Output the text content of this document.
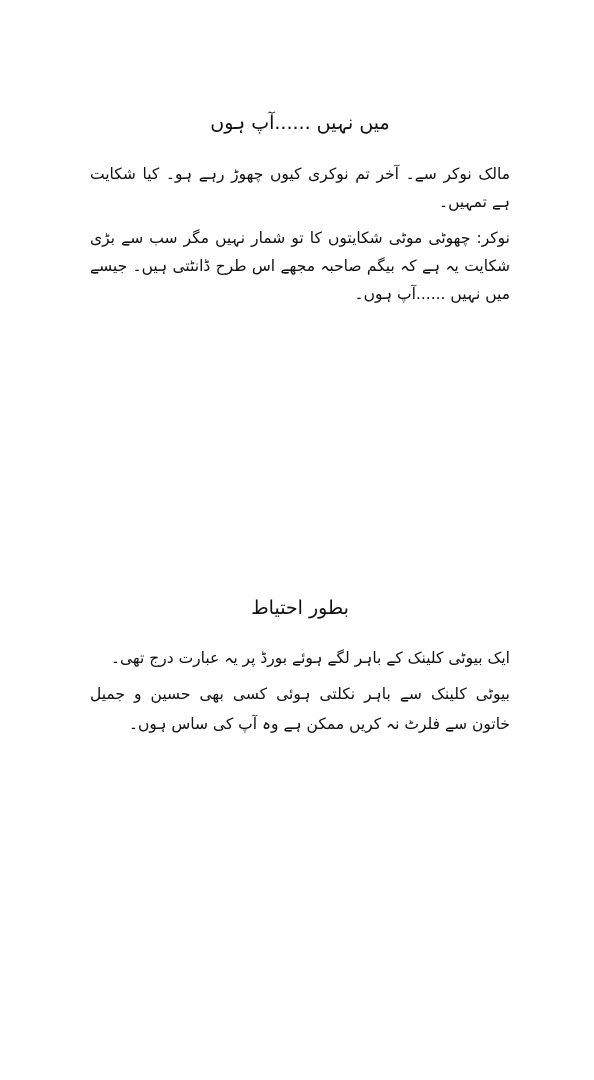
میں نہیں ......آپ ہوں

مالک نوکر سے۔ آخر تم نوکری کیوں چھوڑ رہے ہو۔ کیا شکایت ہے تمہیں۔

نوکر: چھوٹی موٹی شکایتوں کا تو شمار نہیں مگر سب سے بڑی شکایت یہ ہے کہ بیگم صاحبہ مجھے اس طرح ڈانٹتی ہیں۔ جیسے میں نہیں ......آپ ہوں۔

بطور احتیاط

ایک بیوٹی کلینک کے باہر لگے ہوئے بورڈ پر یہ عبارت درج تھی۔

بیوٹی کلینک سے باہر نکلتی ہوئی کسی بھی حسین و جمیل خاتون سے فلرٹ نہ کریں ممکن ہے وہ آپ کی ساس ہوں۔
